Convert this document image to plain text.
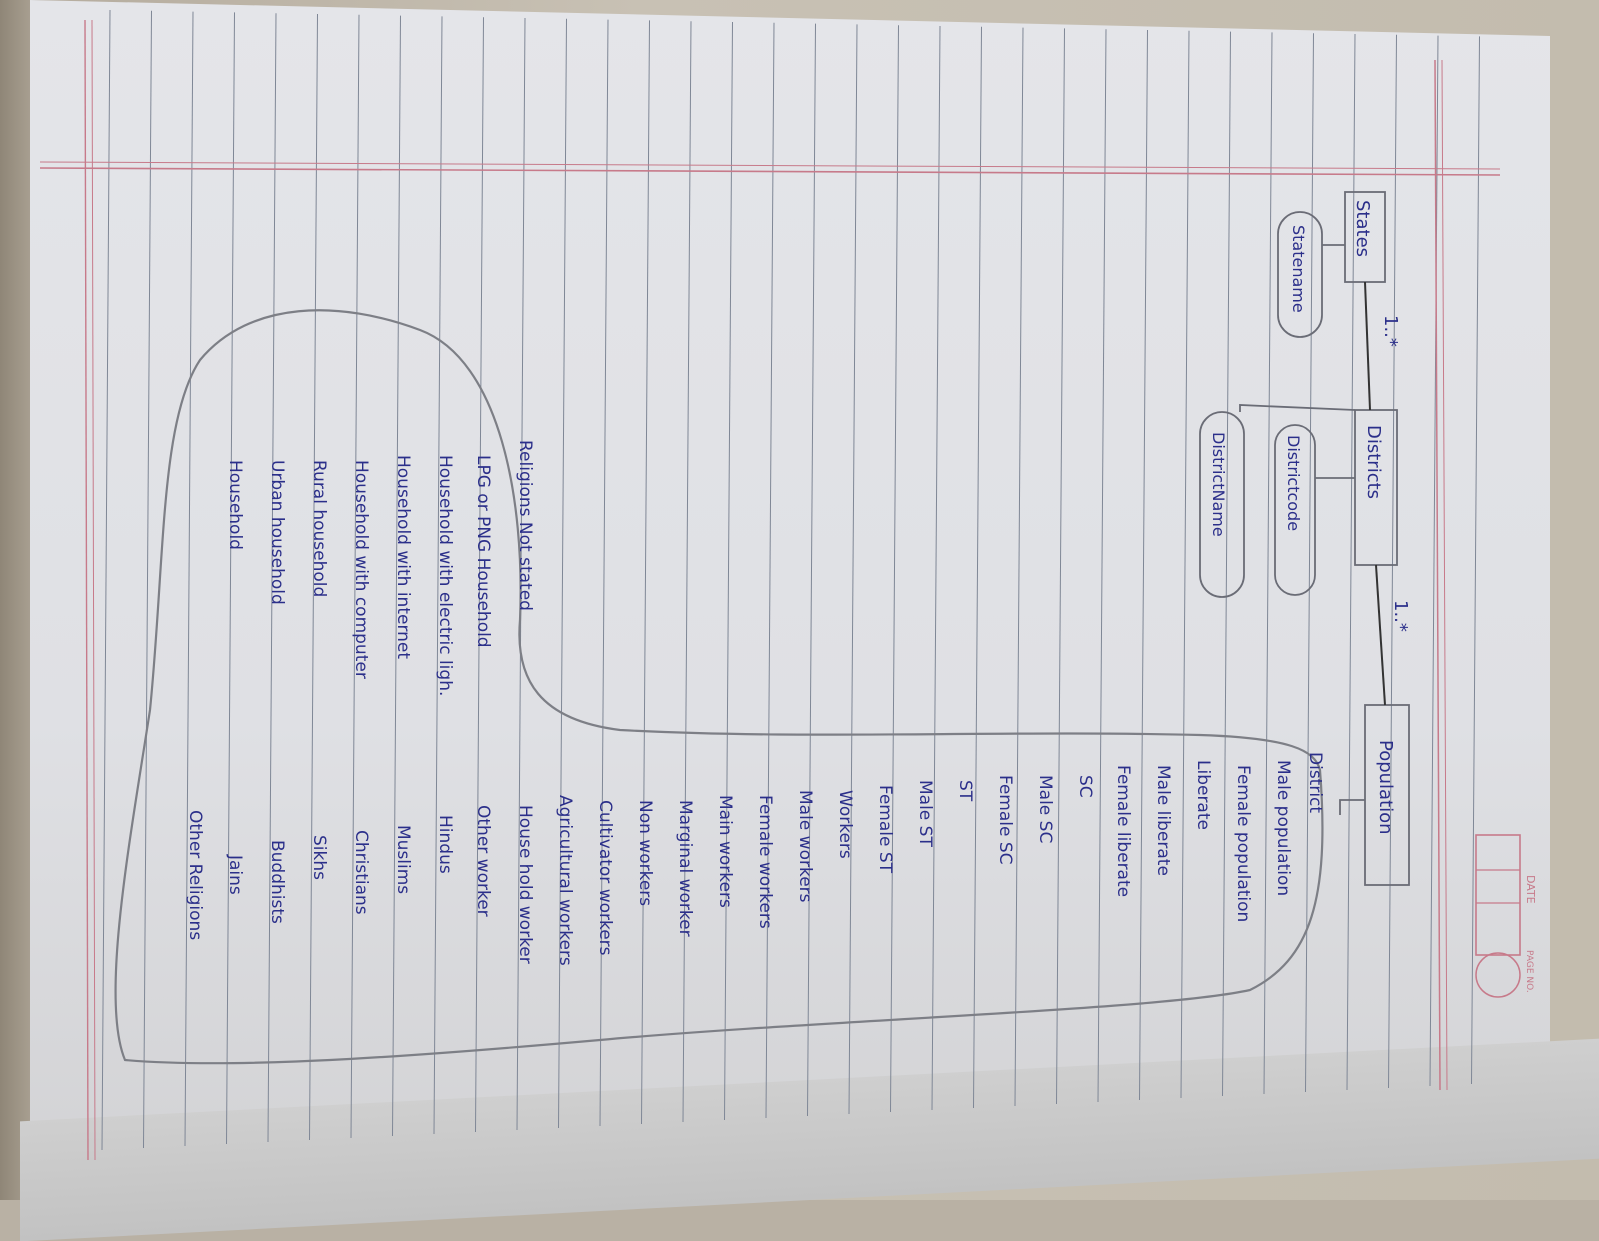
DATE
PAGE NO.
States
Districts
Population
1..*
1..*
Statename
Districtcode
DistrictName
District
Male population
Female population
Liberate
Male liberate
Female liberate
SC
Male SC
Female SC
ST
Male ST
Female ST
Workers
Male workers
Female workers
Main workers
Marginal worker
Non workers
Cultivator workers
Agricultural workers
Religions Not stated
LPG or PNG Household
Household with electric ligh.
Household with internet
Household with computer
Rural household
Urban household
Household
House hold worker
Other worker
Hindus
Muslims
Christians
Sikhs
Buddhists
Jains
Other Religions
